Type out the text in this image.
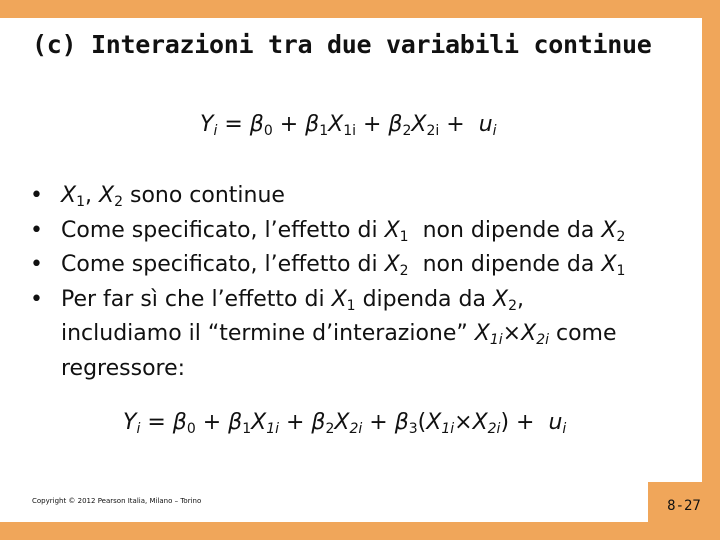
(c) Interazioni tra due variabili continue
$Y_i = \beta_0 + \beta_1X_{1i} + \beta_2X_{2i} + u_i$
• $X_1$, $X_2$ sono continue
• Come specificato, l’effetto di $X_1$  non dipende da $X_2$
• Come specificato, l’effetto di $X_2$  non dipende da $X_1$
• Per far sì che l’effetto di $X_1$ dipenda da $X_2$,
includiamo il “termine d’interazione” $X_{1i}\times X_{2i}$ come
regressore:
$Y_i = \beta_0 + \beta_1X_{1i} + \beta_2X_{2i} + \beta_3(X_{1i}\times X_{2i}) + u_i$
Copyright © 2012 Pearson Italia, Milano – Torino	8-27
